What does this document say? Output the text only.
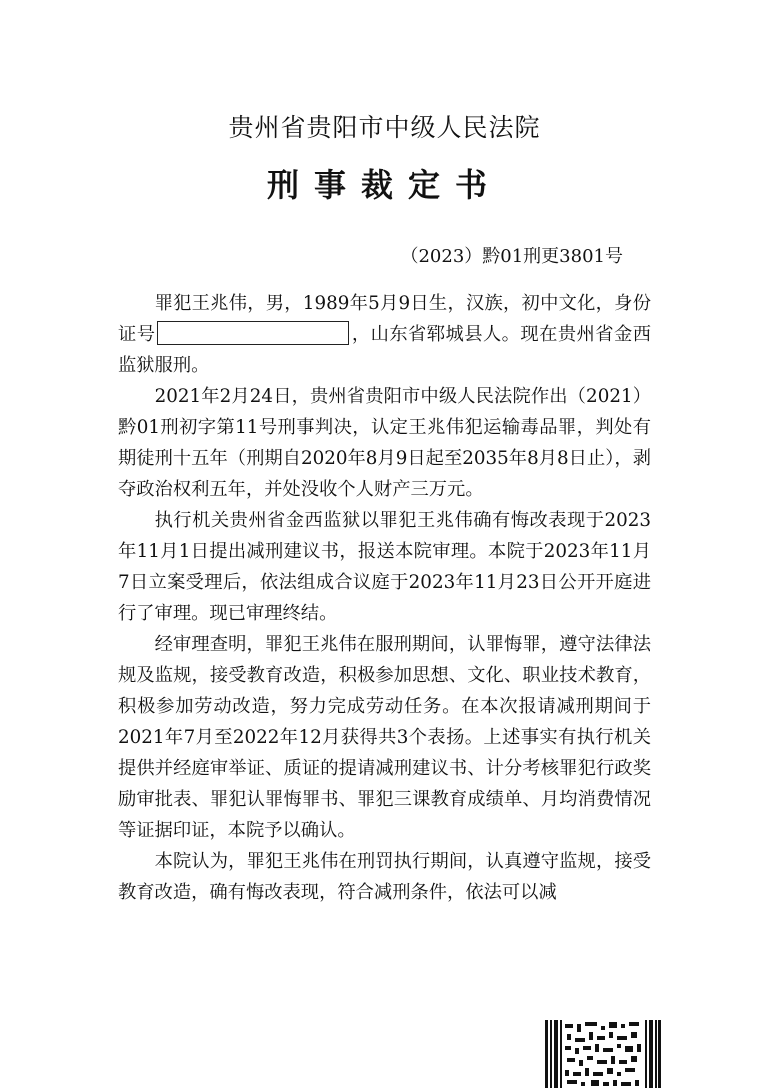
贵州省贵阳市中级人民法院
刑事裁定书
（2023）黔01刑更3801号

罪犯王兆伟，男，1989年5月9日生，汉族，初中文化，身份证号	，山东省郓城县人。现在贵州省金西监狱服刑。

2021年2月24日，贵州省贵阳市中级人民法院作出（2021）黔01刑初字第11号刑事判决，认定王兆伟犯运输毒品罪，判处有期徒刑十五年（刑期自2020年8月9日起至2035年8月8日止），剥夺政治权利五年，并处没收个人财产三万元。

执行机关贵州省金西监狱以罪犯王兆伟确有悔改表现于2023年11月1日提出减刑建议书，报送本院审理。本院于2023年11月7日立案受理后，依法组成合议庭于2023年11月23日公开开庭进行了审理。现已审理终结。

经审理查明，罪犯王兆伟在服刑期间，认罪悔罪，遵守法律法规及监规，接受教育改造，积极参加思想、文化、职业技术教育，积极参加劳动改造，努力完成劳动任务。在本次报请减刑期间于2021年7月至2022年12月获得共3个表扬。上述事实有执行机关提供并经庭审举证、质证的提请减刑建议书、计分考核罪犯行政奖励审批表、罪犯认罪悔罪书、罪犯三课教育成绩单、月均消费情况等证据印证，本院予以确认。

本院认为，罪犯王兆伟在刑罚执行期间，认真遵守监规，接受教育改造，确有悔改表现，符合减刑条件，依法可以减
